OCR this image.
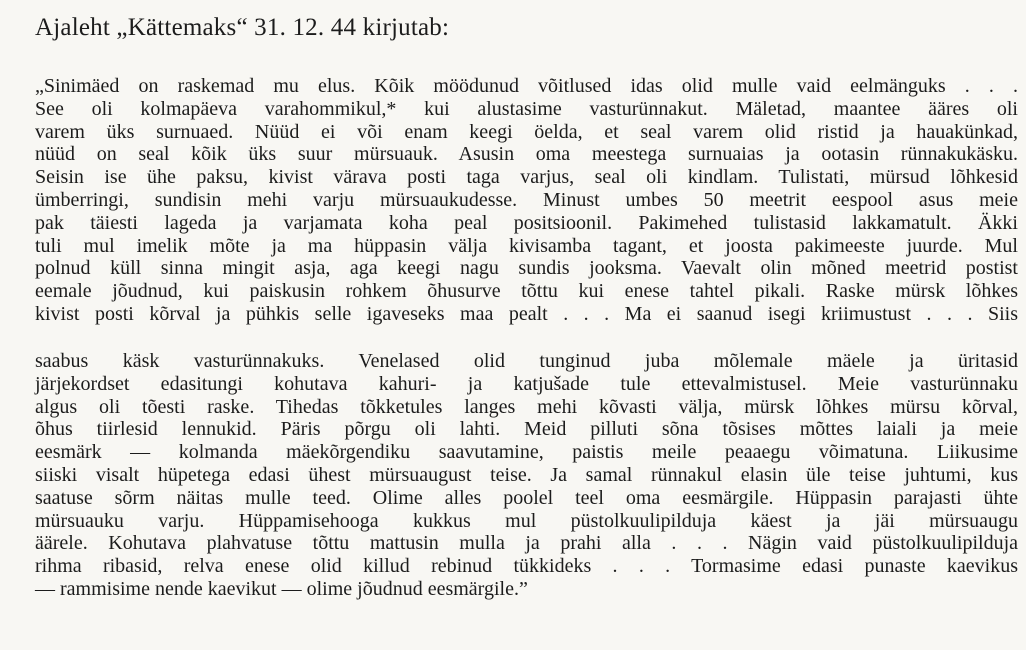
Ajaleht „Kättemaks“ 31. 12. 44 kirjutab:
„Sinimäed on raskemad mu elus. Kõik möödunud võitlused idas olid mulle vaid eelmänguks . . .
See oli kolmapäeva varahommikul,* kui alustasime vasturünnakut. Mäletad, maantee ääres oli
varem üks surnuaed. Nüüd ei või enam keegi öelda, et seal varem olid ristid ja hauakünkad,
nüüd on seal kõik üks suur mürsuauk. Asusin oma meestega surnuaias ja ootasin rünnakukäsku.
Seisin ise ühe paksu, kivist värava posti taga varjus, seal oli kindlam. Tulistati, mürsud lõhkesid
ümberringi, sundisin mehi varju mürsuaukudesse. Minust umbes 50 meetrit eespool asus meie
pak täiesti lageda ja varjamata koha peal positsioonil. Pakimehed tulistasid lakkamatult. Äkki
tuli mul imelik mõte ja ma hüppasin välja kivisamba tagant, et joosta pakimeeste juurde. Mul
polnud küll sinna mingit asja, aga keegi nagu sundis jooksma. Vaevalt olin mõned meetrid postist
eemale jõudnud, kui paiskusin rohkem õhusurve tõttu kui enese tahtel pikali. Raske mürsk lõhkes
kivist posti kõrval ja pühkis selle igaveseks maa pealt . . . Ma ei saanud isegi kriimustust . . . Siis
saabus käsk vasturünnakuks. Venelased olid tunginud juba mõlemale mäele ja üritasid
järjekordset edasitungi kohutava kahuri- ja katjušade tule ettevalmistusel. Meie vasturünnaku
algus oli tõesti raske. Tihedas tõkketules langes mehi kõvasti välja, mürsk lõhkes mürsu kõrval,
õhus tiirlesid lennukid. Päris põrgu oli lahti. Meid pilluti sõna tõsises mõttes laiali ja meie
eesmärk — kolmanda mäekõrgendiku saavutamine, paistis meile peaaegu võimatuna. Liikusime
siiski visalt hüpetega edasi ühest mürsuaugust teise. Ja samal rünnakul elasin üle teise juhtumi, kus
saatuse sõrm näitas mulle teed. Olime alles poolel teel oma eesmärgile. Hüppasin parajasti ühte
mürsuauku varju. Hüppamisehooga kukkus mul püstolkuulipilduja käest ja jäi mürsuaugu
äärele. Kohutava plahvatuse tõttu mattusin mulla ja prahi alla . . . Nägin vaid püstolkuulipilduja
rihma ribasid, relva enese olid killud rebinud tükkideks . . . Tormasime edasi punaste kaevikus
— rammisime nende kaevikut — olime jõudnud eesmärgile.”
